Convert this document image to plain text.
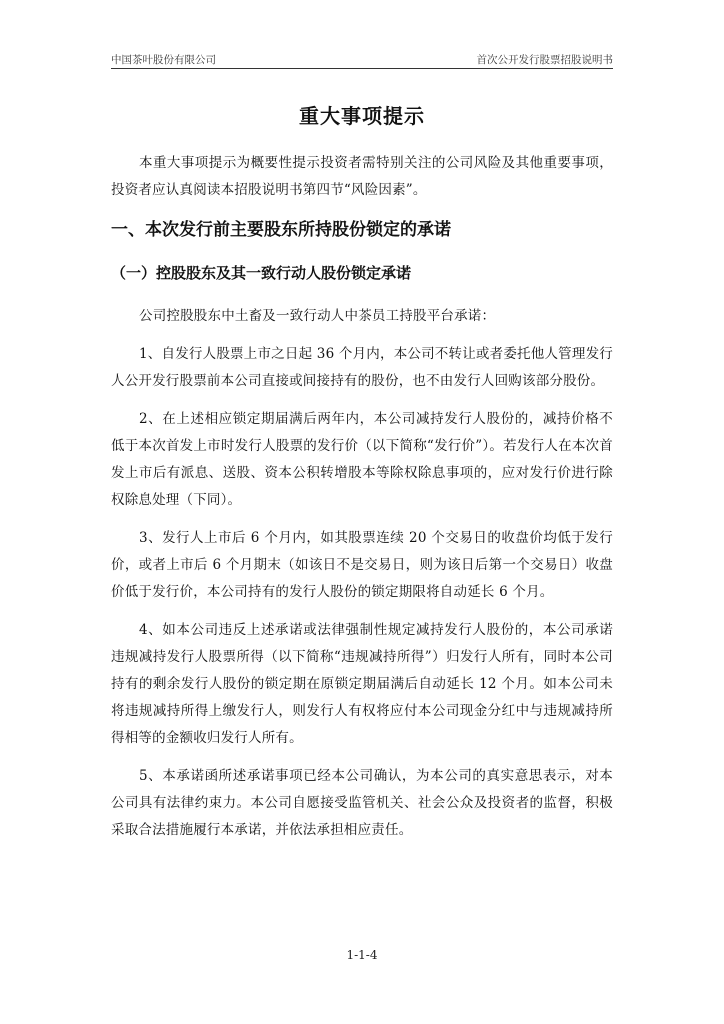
中国茶叶股份有限公司	首次公开发行股票招股说明书
重大事项提示

本重大事项提示为概要性提示投资者需特别关注的公司风险及其他重要事项，投资者应认真阅读本招股说明书第四节“风险因素”。

一、本次发行前主要股东所持股份锁定的承诺
（一）控股股东及其一致行动人股份锁定承诺

公司控股股东中土畜及一致行动人中茶员工持股平台承诺：

1、自发行人股票上市之日起 36 个月内，本公司不转让或者委托他人管理发行人公开发行股票前本公司直接或间接持有的股份，也不由发行人回购该部分股份。

2、在上述相应锁定期届满后两年内，本公司减持发行人股份的，减持价格不低于本次首发上市时发行人股票的发行价（以下简称“发行价”）。若发行人在本次首发上市后有派息、送股、资本公积转增股本等除权除息事项的，应对发行价进行除权除息处理（下同）。

3、发行人上市后 6 个月内，如其股票连续 20 个交易日的收盘价均低于发行价，或者上市后 6 个月期末（如该日不是交易日，则为该日后第一个交易日）收盘价低于发行价，本公司持有的发行人股份的锁定期限将自动延长 6 个月。

4、如本公司违反上述承诺或法律强制性规定减持发行人股份的，本公司承诺违规减持发行人股票所得（以下简称“违规减持所得”）归发行人所有，同时本公司持有的剩余发行人股份的锁定期在原锁定期届满后自动延长 12 个月。如本公司未将违规减持所得上缴发行人，则发行人有权将应付本公司现金分红中与违规减持所得相等的金额收归发行人所有。

5、本承诺函所述承诺事项已经本公司确认，为本公司的真实意思表示，对本公司具有法律约束力。本公司自愿接受监管机关、社会公众及投资者的监督，积极采取合法措施履行本承诺，并依法承担相应责任。

1-1-4
